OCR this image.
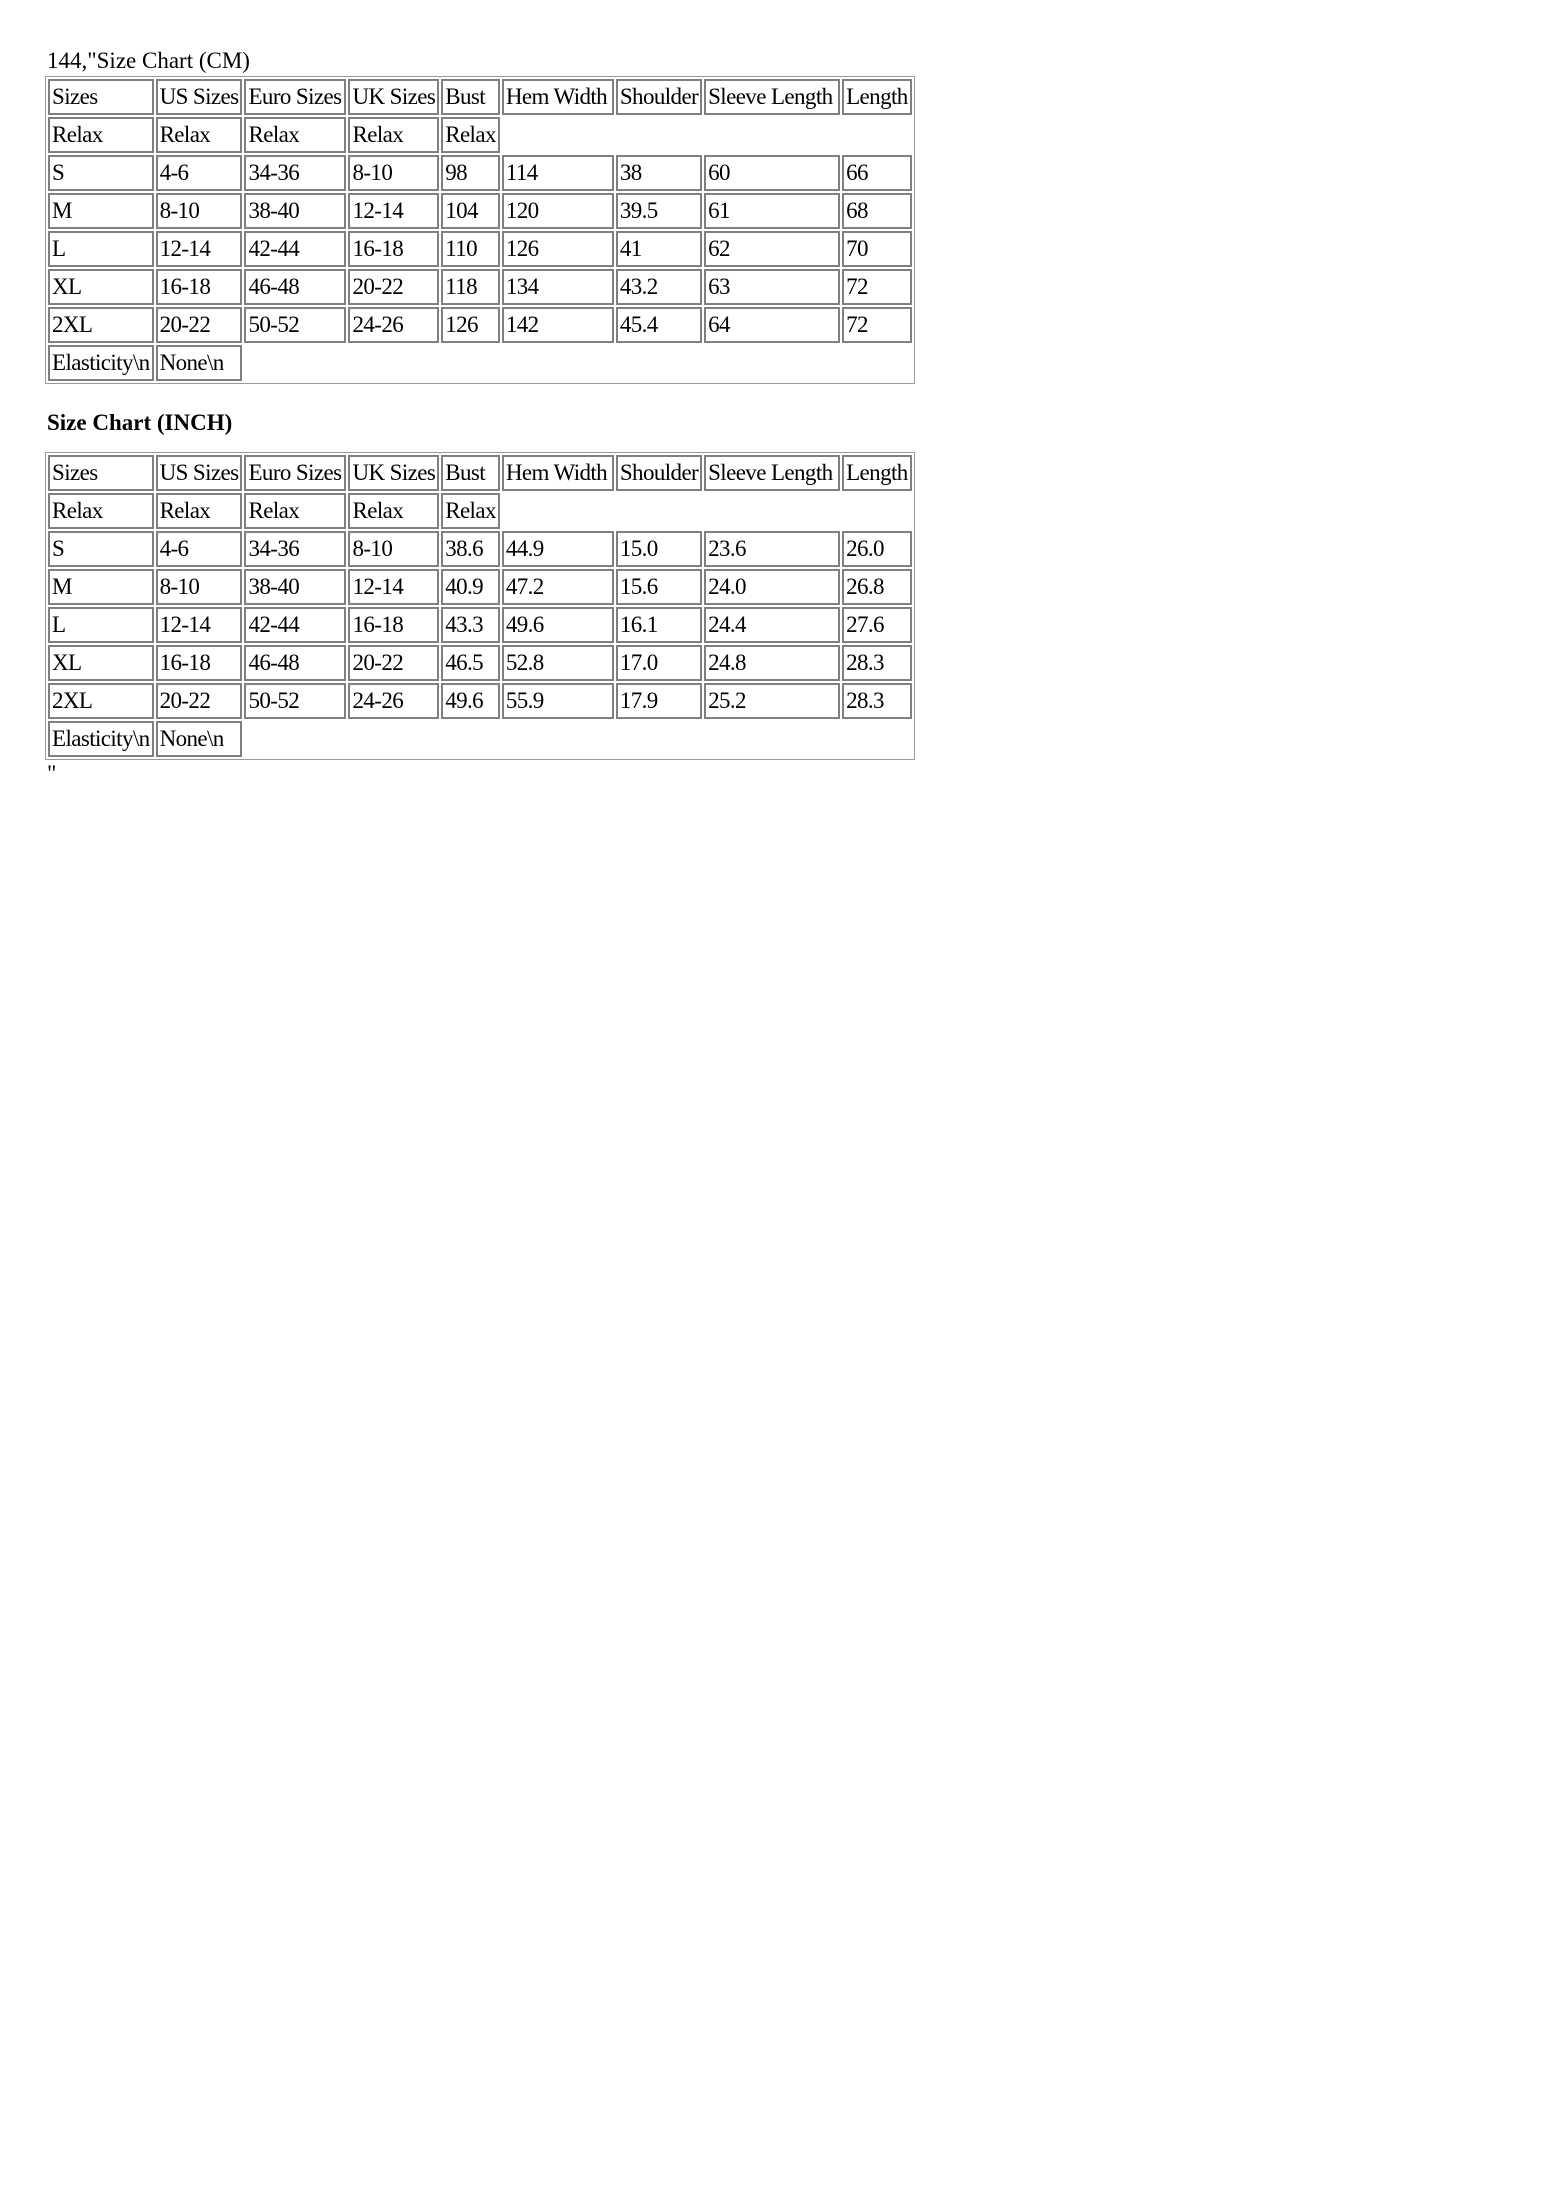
144,"Size Chart (CM)
Sizes	US Sizes	Euro Sizes	UK Sizes	Bust	Hem Width	Shoulder	Sleeve Length	Length
Relax	Relax	Relax	Relax	Relax				
S	4-6	34-36	8-10	98	114	38	60	66
M	8-10	38-40	12-14	104	120	39.5	61	68
L	12-14	42-44	16-18	110	126	41	62	70
XL	16-18	46-48	20-22	118	134	43.2	63	72
2XL	20-22	50-52	24-26	126	142	45.4	64	72
Elasticity\n	None\n							
Size Chart (INCH)
Sizes	US Sizes	Euro Sizes	UK Sizes	Bust	Hem Width	Shoulder	Sleeve Length	Length
Relax	Relax	Relax	Relax	Relax				
S	4-6	34-36	8-10	38.6	44.9	15.0	23.6	26.0
M	8-10	38-40	12-14	40.9	47.2	15.6	24.0	26.8
L	12-14	42-44	16-18	43.3	49.6	16.1	24.4	27.6
XL	16-18	46-48	20-22	46.5	52.8	17.0	24.8	28.3
2XL	20-22	50-52	24-26	49.6	55.9	17.9	25.2	28.3
Elasticity\n	None\n							
"
